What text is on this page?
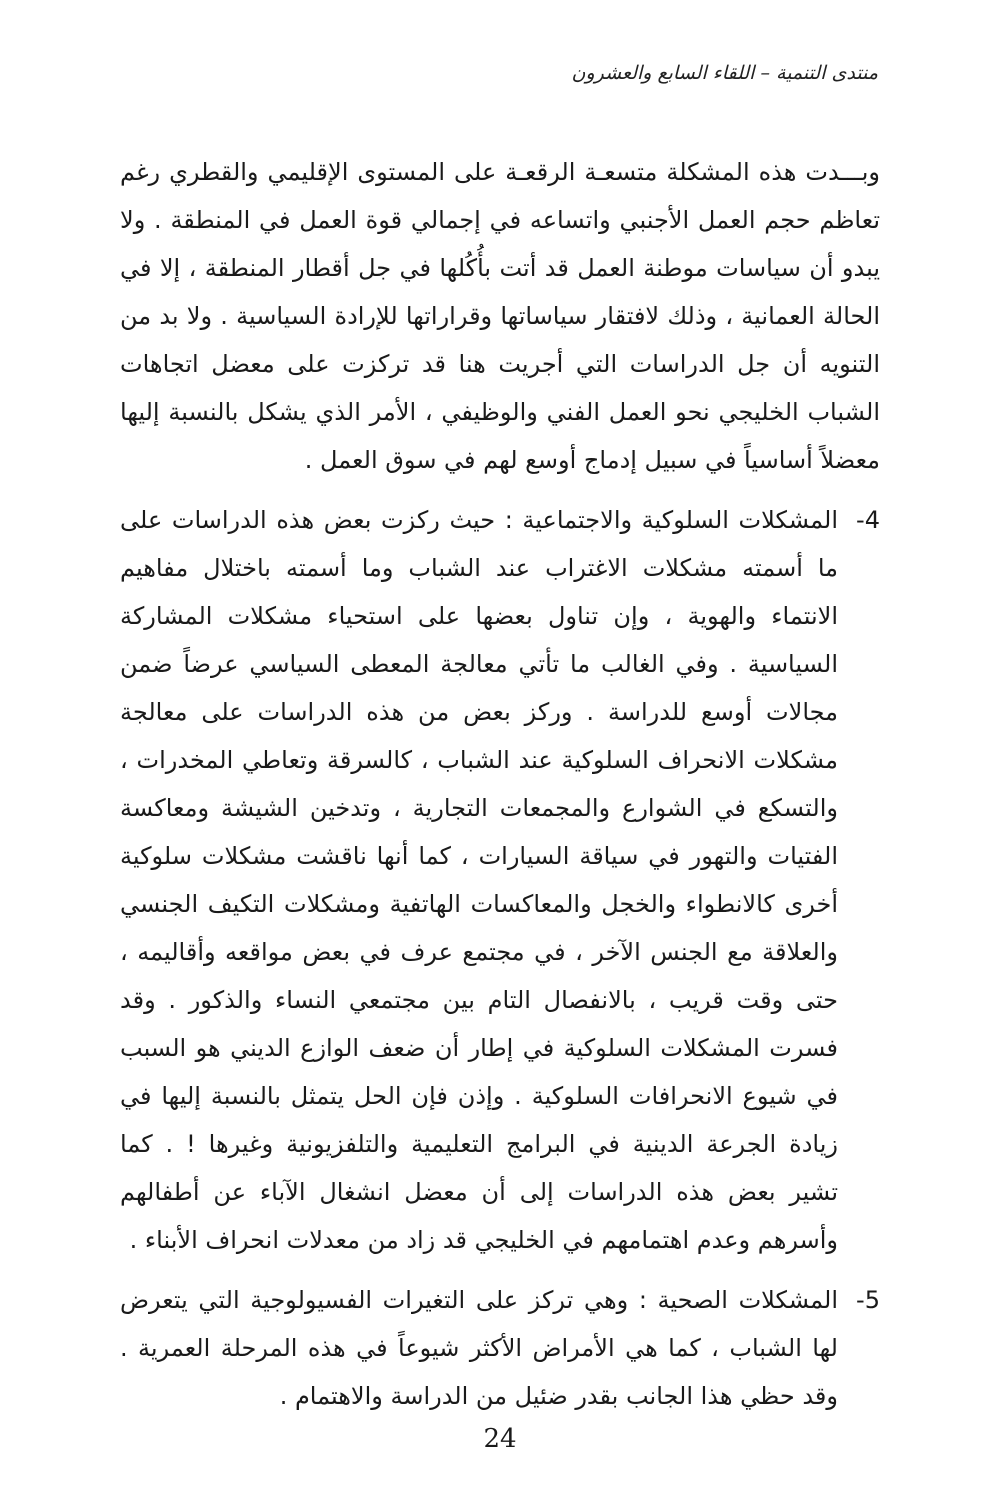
منتدى التنمية – اللقاء السابع والعشرون

وبـــدت هذه المشكلة متسعـة الرقعـة على المستوى الإقليمي والقطري رغم تعاظم حجم العمل الأجنبي واتساعه في إجمالي قوة العمل في المنطقة . ولا يبدو أن سياسات موطنة العمل قد أتت بأُكُلها في جل أقطار المنطقة ، إلا في الحالة العمانية ، وذلك لافتقار سياساتها وقراراتها للإرادة السياسية . ولا بد من التنويه أن جل الدراسات التي أجريت هنا قد تركزت على معضل اتجاهات الشباب الخليجي نحو العمل الفني والوظيفي ، الأمر الذي يشكل بالنسبة إليها معضلاً أساسياً في سبيل إدماج أوسع لهم في سوق العمل .

4-

المشكلات السلوكية والاجتماعية : حيث ركزت بعض هذه الدراسات على ما أسمته مشكلات الاغتراب عند الشباب وما أسمته باختلال مفاهيم الانتماء والهوية ، وإن تناول بعضها على استحياء مشكلات المشاركة السياسية . وفي الغالب ما تأتي معالجة المعطى السياسي عرضاً ضمن مجالات أوسع للدراسة . وركز بعض من هذه الدراسات على معالجة مشكلات الانحراف السلوكية عند الشباب ، كالسرقة وتعاطي المخدرات ، والتسكع في الشوارع والمجمعات التجارية ، وتدخين الشيشة ومعاكسة الفتيات والتهور في سياقة السيارات ، كما أنها ناقشت مشكلات سلوكية أخرى كالانطواء والخجل والمعاكسات الهاتفية ومشكلات التكيف الجنسي والعلاقة مع الجنس الآخر ، في مجتمع عرف في بعض مواقعه وأقاليمه ، حتى وقت قريب ، بالانفصال التام بين مجتمعي النساء والذكور . وقد فسرت المشكلات السلوكية في إطار أن ضعف الوازع الديني هو السبب في شيوع الانحرافات السلوكية . وإذن فإن الحل يتمثل بالنسبة إليها في زيادة الجرعة الدينية في البرامج التعليمية والتلفزيونية وغيرها ! . كما تشير بعض هذه الدراسات إلى أن معضل انشغال الآباء عن أطفالهم وأسرهم وعدم اهتمامهم في الخليجي قد زاد من معدلات انحراف الأبناء .

5-

المشكلات الصحية : وهي تركز على التغيرات الفسيولوجية التي يتعرض لها الشباب ، كما هي الأمراض الأكثر شيوعاً في هذه المرحلة العمرية . وقد حظي هذا الجانب بقدر ضئيل من الدراسة والاهتمام .

24
